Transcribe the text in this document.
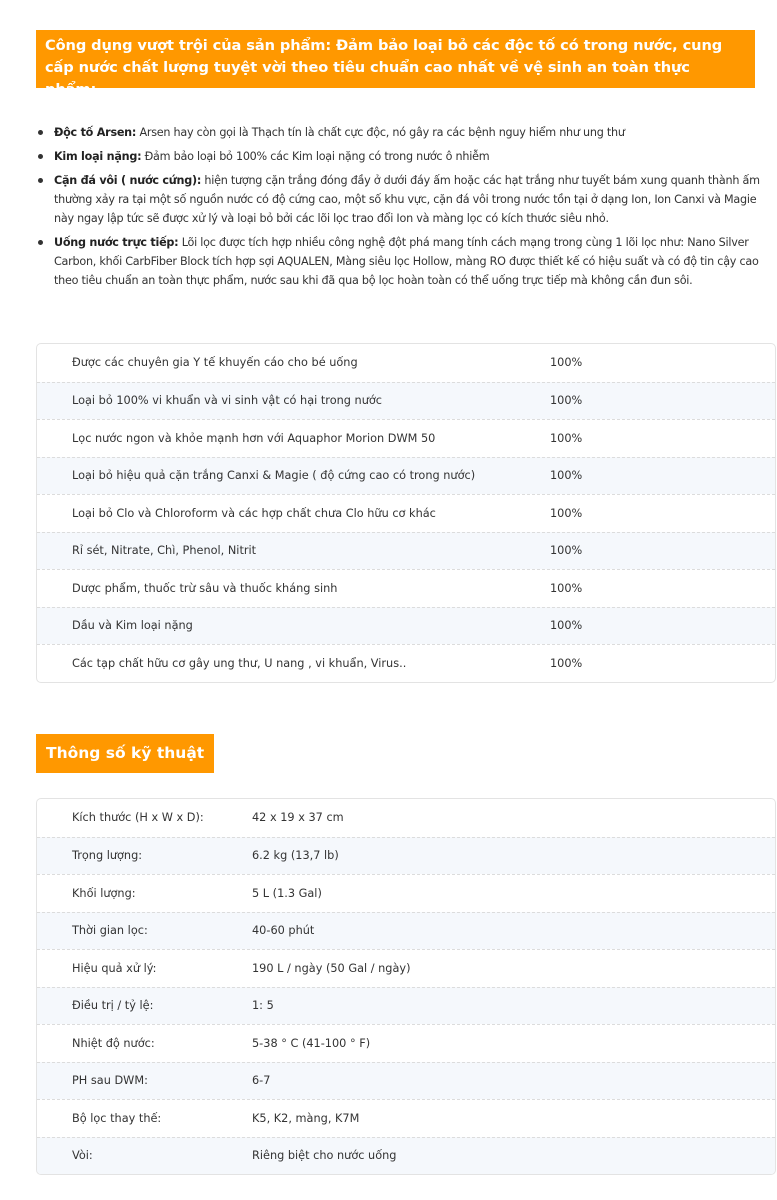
Công dụng vượt trội của sản phẩm: Đảm bảo loại bỏ các độc tố có trong nước, cung cấp nước chất lượng tuyệt vời theo tiêu chuẩn cao nhất về vệ sinh an toàn thực phẩm:
Độc tố Arsen: Arsen hay còn gọi là Thạch tín là chất cực độc, nó gây ra các bệnh nguy hiểm như ung thư
Kim loại nặng: Đảm bảo loại bỏ 100% các Kim loại nặng có trong nước ô nhiễm
Cặn đá vôi ( nước cứng): hiện tượng cặn trắng đóng đầy ở dưới đáy ấm hoặc các hạt trắng như tuyết bám xung quanh thành ấm thường xảy ra tại một số nguồn nước có độ cứng cao, một số khu vực, cặn đá vôi trong nước tồn tại ở dạng Ion, Ion Canxi và Magie này ngay lập tức sẽ được xử lý và loại bỏ bởi các lõi lọc trao đổi Ion và màng lọc có kích thước siêu nhỏ.
Uống nước trực tiếp: Lõi lọc được tích hợp nhiều công nghệ đột phá mang tính cách mạng trong cùng 1 lõi lọc như: Nano Silver Carbon, khối CarbFiber Block tích hợp sợi AQUALEN, Màng siêu lọc Hollow, màng RO được thiết kế có hiệu suất và có độ tin cậy cao theo tiêu chuẩn an toàn thực phẩm, nước sau khi đã qua bộ lọc hoàn toàn có thể uống trực tiếp mà không cần đun sôi.
Được các chuyên gia Y tế khuyến cáo cho bé uống	100%
Loại bỏ 100% vi khuẩn và vi sinh vật có hại trong nước	100%
Lọc nước ngon và khỏe mạnh hơn với Aquaphor Morion DWM 50	100%
Loại bỏ hiệu quả cặn trắng Canxi & Magie ( độ cứng cao có trong nước)	100%
Loại bỏ Clo và Chloroform và các hợp chất chưa Clo hữu cơ khác	100%
Rỉ sét, Nitrate, Chì, Phenol, Nitrit	100%
Dược phẩm, thuốc trừ sâu và thuốc kháng sinh	100%
Dầu và Kim loại nặng	100%
Các tạp chất hữu cơ gây ung thư, U nang , vi khuẩn, Virus..	100%
Thông số kỹ thuật
Kích thước (H x W x D):	42 x 19 x 37 cm
Trọng lượng:	6.2 kg (13,7 lb)
Khối lượng:	5 L (1.3 Gal)
Thời gian lọc:	40-60 phút
Hiệu quả xử lý:	190 L / ngày (50 Gal / ngày)
Điều trị / tỷ lệ:	1: 5
Nhiệt độ nước:	5-38 ° C (41-100 ° F)
PH sau DWM:	6-7
Bộ lọc thay thế:	K5, K2, màng, K7M
Vòi:	Riêng biệt cho nước uống
